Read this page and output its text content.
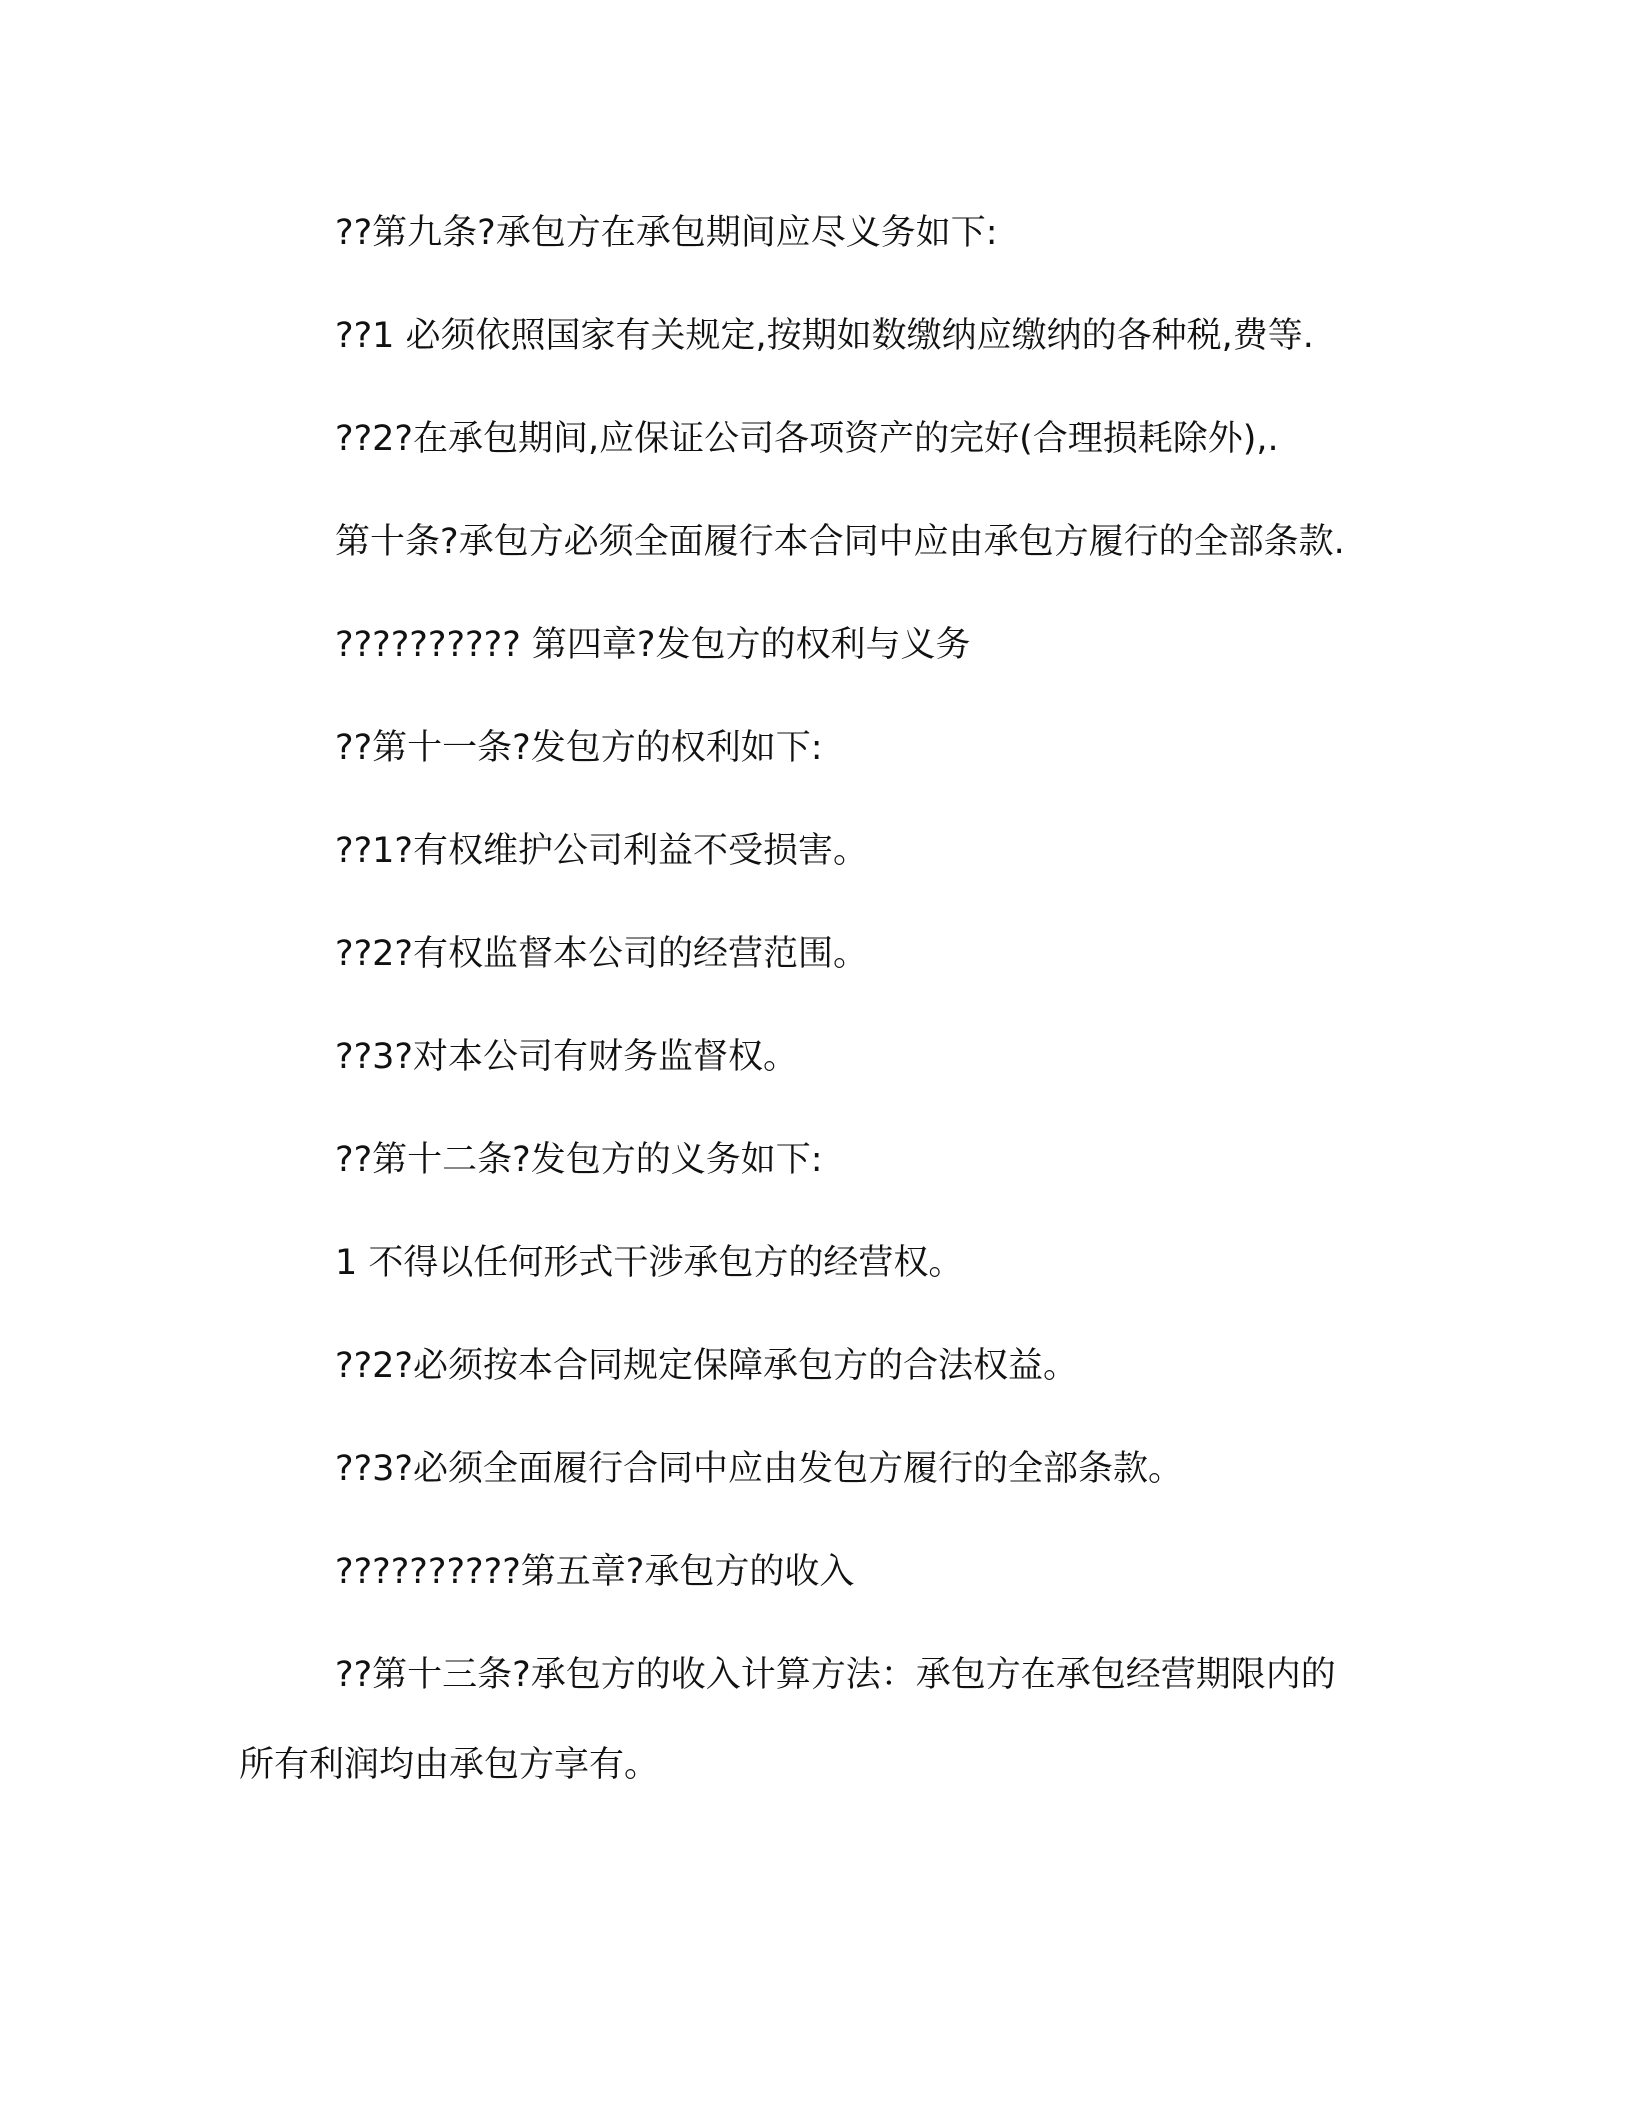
??第九条?承包方在承包期间应尽义务如下:

??1 必须依照国家有关规定,按期如数缴纳应缴纳的各种税,费等.

??2?在承包期间,应保证公司各项资产的完好(合理损耗除外),.

第十条?承包方必须全面履行本合同中应由承包方履行的全部条款.

?????????? 第四章?发包方的权利与义务

??第十一条?发包方的权利如下:

??1?有权维护公司利益不受损害。

??2?有权监督本公司的经营范围。

??3?对本公司有财务监督权。

??第十二条?发包方的义务如下:

1 不得以任何形式干涉承包方的经营权。

??2?必须按本合同规定保障承包方的合法权益。

??3?必须全面履行合同中应由发包方履行的全部条款。

??????????第五章?承包方的收入

??第十三条?承包方的收入计算方法：承包方在承包经营期限内的所有利润均由承包方享有。
